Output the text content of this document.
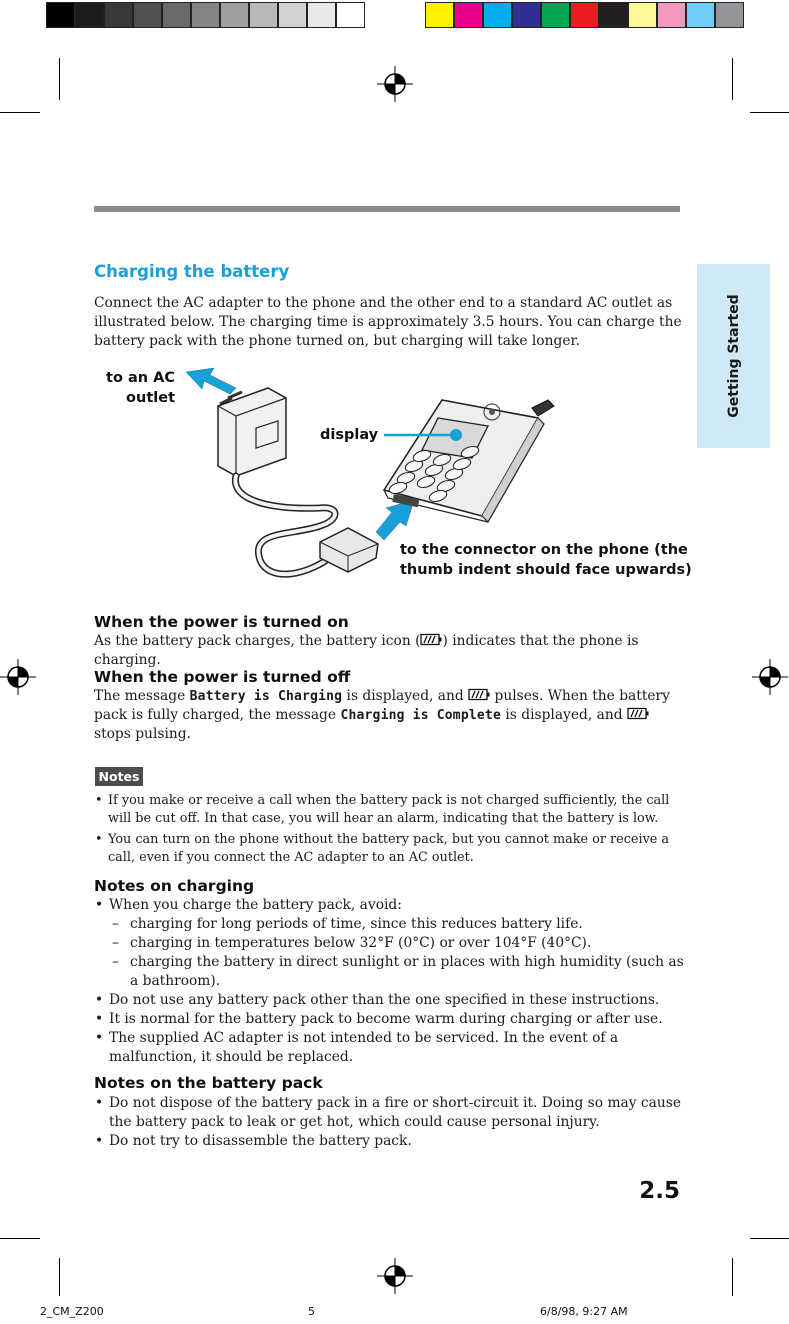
Getting Started
Charging the battery
Connect the AC adapter to the phone and the other end to a standard AC outlet as illustrated below. The charging time is approximately 3.5 hours. You can charge the battery pack with the phone turned on, but charging will take longer.
to an AC
outlet
display
to the connector on the phone (the
thumb indent should face upwards)
When the power is turned on
As the battery pack charges, the battery icon ( ) indicates that the phone is charging.
When the power is turned off
The message Battery is Charging is displayed, and  pulses. When the battery pack is fully charged, the message Charging is Complete is displayed, and  stops pulsing.
Notes
• If you make or receive a call when the battery pack is not charged sufficiently, the call will be cut off. In that case, you will hear an alarm, indicating that the battery is low.
• You can turn on the phone without the battery pack, but you cannot make or receive a call, even if you connect the AC adapter to an AC outlet.
Notes on charging
• When you charge the battery pack, avoid:
– charging for long periods of time, since this reduces battery life.
– charging in temperatures below 32°F (0°C) or over 104°F (40°C).
– charging the battery in direct sunlight or in places with high humidity (such as a bathroom).
• Do not use any battery pack other than the one specified in these instructions.
• It is normal for the battery pack to become warm during charging or after use.
• The supplied AC adapter is not intended to be serviced. In the event of a malfunction, it should be replaced.
Notes on the battery pack
• Do not dispose of the battery pack in a fire or short-circuit it. Doing so may cause the battery pack to leak or get hot, which could cause personal injury.
• Do not try to disassemble the battery pack.
2.5
2_CM_Z200	5	6/8/98, 9:27 AM
